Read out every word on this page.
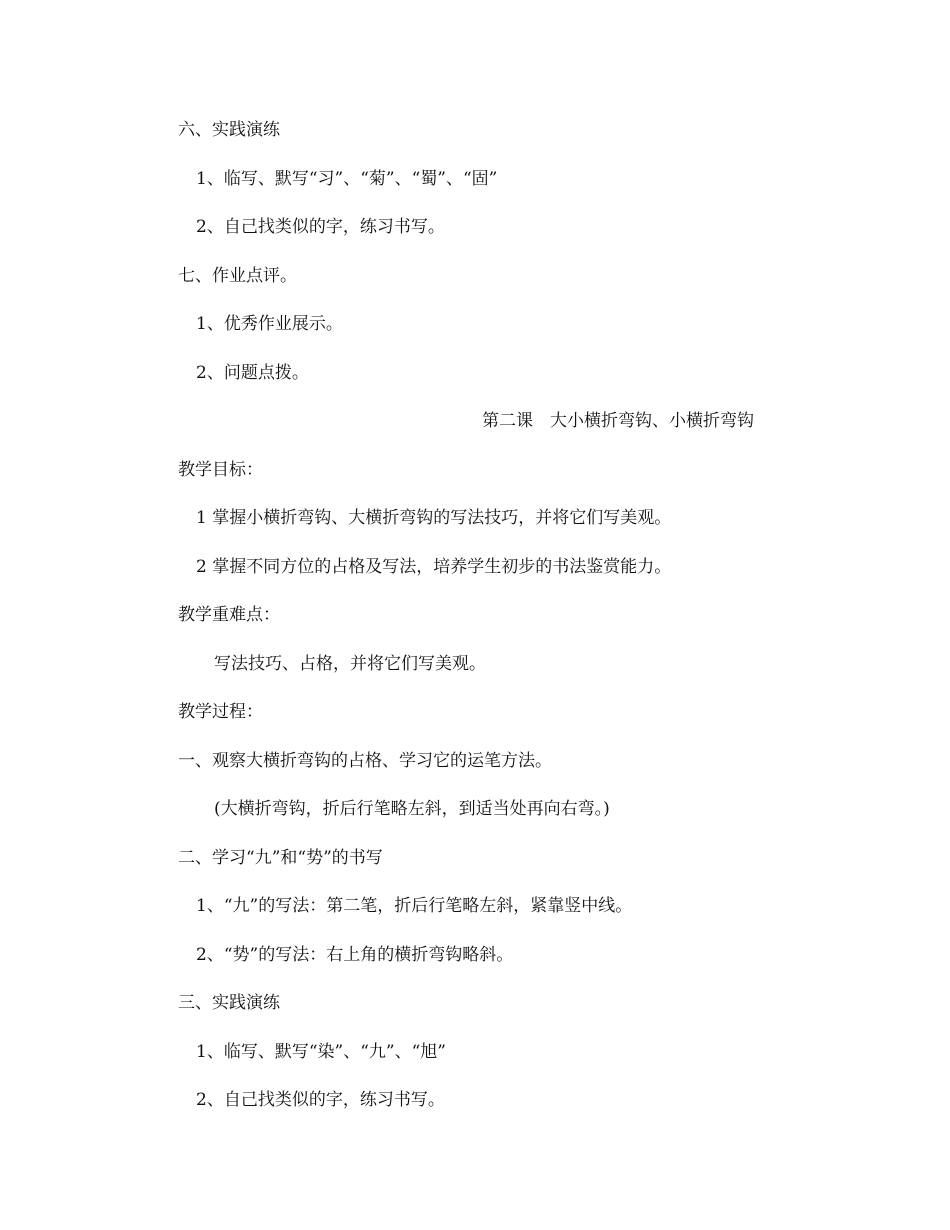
六、实践演练
1、临写、默写“习”、“菊”、“蜀”、“固”
2、自己找类似的字，练习书写。
七、作业点评。
1、优秀作业展示。
2、问题点拨。
第二课　大小横折弯钩、小横折弯钩
教学目标：
1 掌握小横折弯钩、大横折弯钩的写法技巧，并将它们写美观。
2 掌握不同方位的占格及写法，培养学生初步的书法鉴赏能力。
教学重难点：
写法技巧、占格，并将它们写美观。
教学过程：
一、观察大横折弯钩的占格、学习它的运笔方法。
(大横折弯钩，折后行笔略左斜，到适当处再向右弯。)
二、学习“九”和“势”的书写
1、“九”的写法：第二笔，折后行笔略左斜，紧靠竖中线。
2、“势”的写法：右上角的横折弯钩略斜。
三、实践演练
1、临写、默写“染”、“九”、“旭”
2、自己找类似的字，练习书写。
